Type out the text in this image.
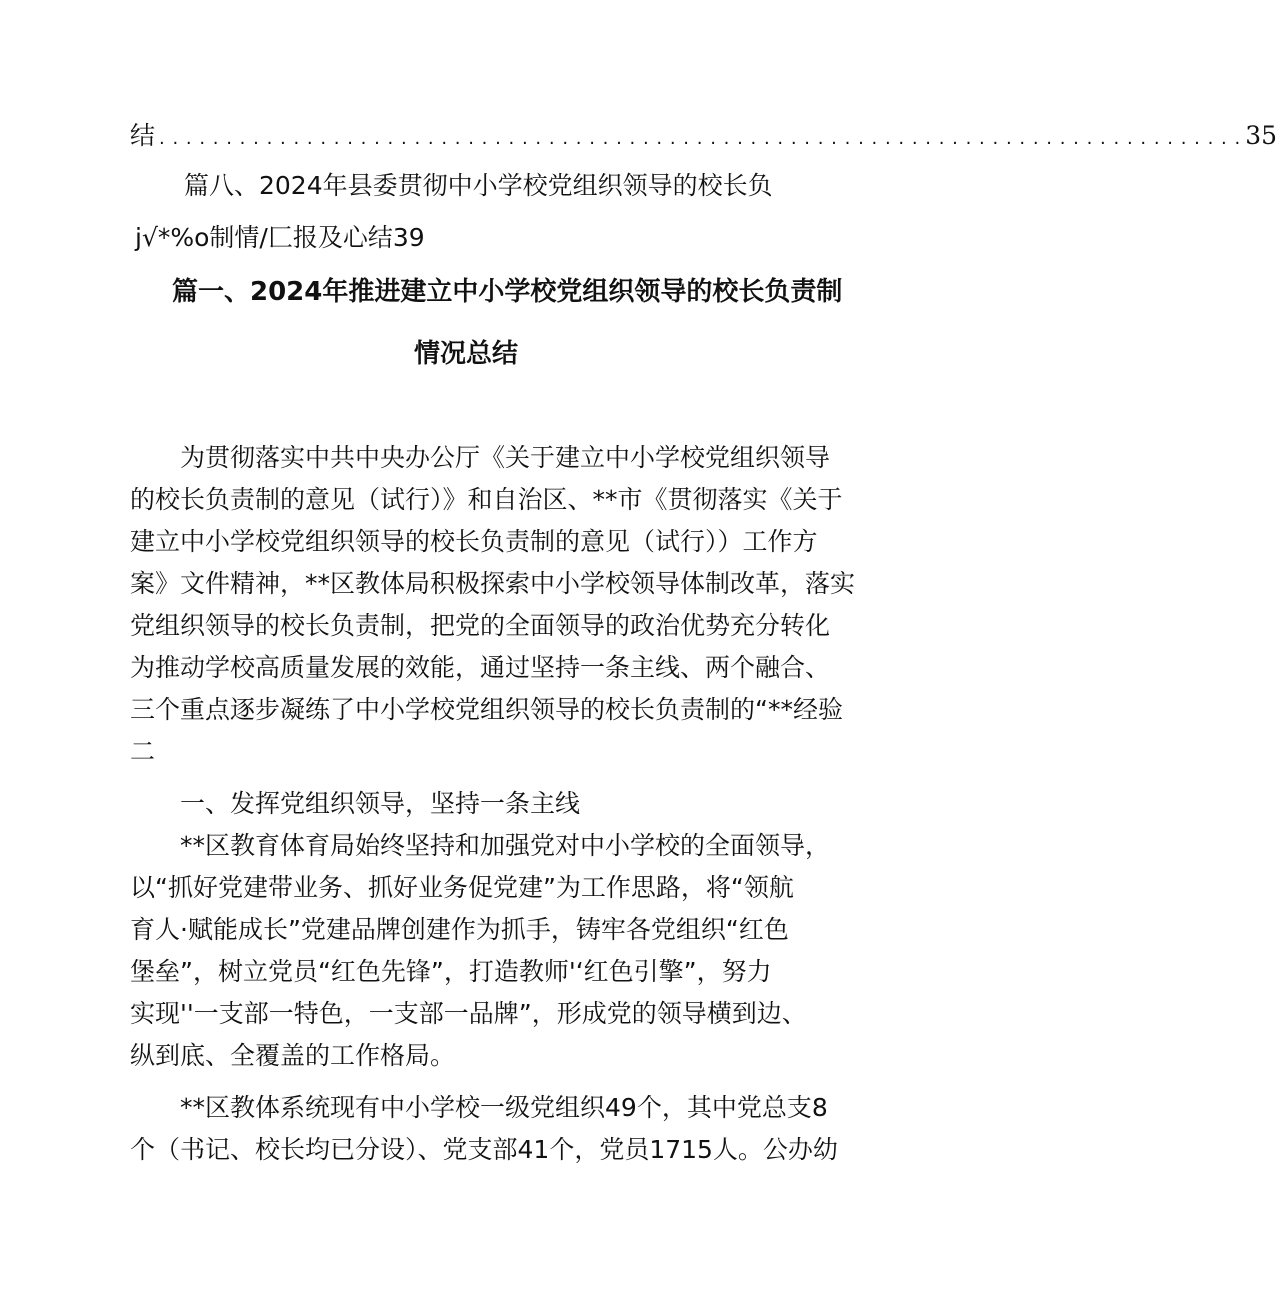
结 . . . . . . . . . . . . . . . . . . . . . . . . . . . . . . . . . . . . . . . . . . . . . . . . . . . . . . . . . . . . . . . . . . . . . . . . . . . . . . . . . 35
篇八、2024年县委贯彻中小学校党组织领导的校长负
j√*%o制情/匚报及心结39
篇一、2024年推进建立中小学校党组织领导的校长负责制
情况总结
为贯彻落实中共中央办公厅《关于建立中小学校党组织领导
的校长负责制的意见（试行）》和自治区、**市《贯彻落实《关于
建立中小学校党组织领导的校长负责制的意见（试行））工作方
案》文件精神，**区教体局积极探索中小学校领导体制改革，落实
党组织领导的校长负责制，把党的全面领导的政治优势充分转化
为推动学校高质量发展的效能，通过坚持一条主线、两个融合、
三个重点逐步凝练了中小学校党组织领导的校长负责制的“**经验
二
一、发挥党组织领导，坚持一条主线
**区教育体育局始终坚持和加强党对中小学校的全面领导，
以“抓好党建带业务、抓好业务促党建”为工作思路，将“领航
育人·赋能成长”党建品牌创建作为抓手，铸牢各党组织“红色
堡垒”，树立党员“红色先锋”，打造教师'‘红色引擎”，努力
实现''一支部一特色，一支部一品牌”，形成党的领导横到边、
纵到底、全覆盖的工作格局。
**区教体系统现有中小学校一级党组织49个，其中党总支8
个（书记、校长均已分设）、党支部41个，党员1715人。公办幼
